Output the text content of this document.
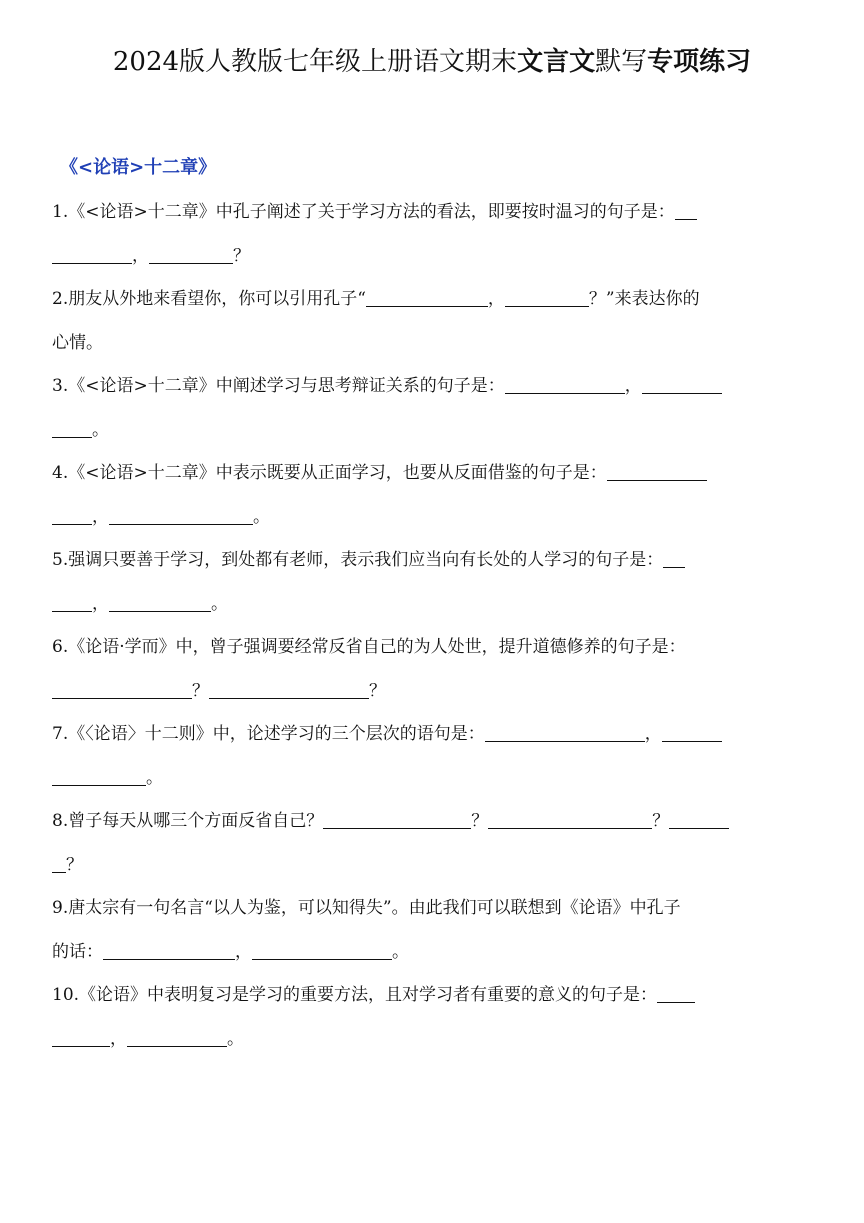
2024版人教版七年级上册语文期末文言文默写专项练习
《<论语>十二章》
1.《<论语>十二章》中孔子阐述了关于学习方法的看法，即要按时温习的句子是：
，	？
2.朋友从外地来看望你，你可以引用孔子“	，	？”来表达你的
心情。
3.《<论语>十二章》中阐述学习与思考辩证关系的句子是：	，
。
4.《<论语>十二章》中表示既要从正面学习，也要从反面借鉴的句子是：
，	。
5.强调只要善于学习，到处都有老师，表示我们应当向有长处的人学习的句子是：
，	。
6.《论语·学而》中，曾子强调要经常反省自己的为人处世，提升道德修养的句子是：
？	？
7.《〈论语〉十二则》中，论述学习的三个层次的语句是：	，
。
8.曾子每天从哪三个方面反省自己？	？	？
？
9.唐太宗有一句名言“以人为鉴，可以知得失”。由此我们可以联想到《论语》中孔子
的话：	，	。
10.《论语》中表明复习是学习的重要方法，且对学习者有重要的意义的句子是：
，	。
